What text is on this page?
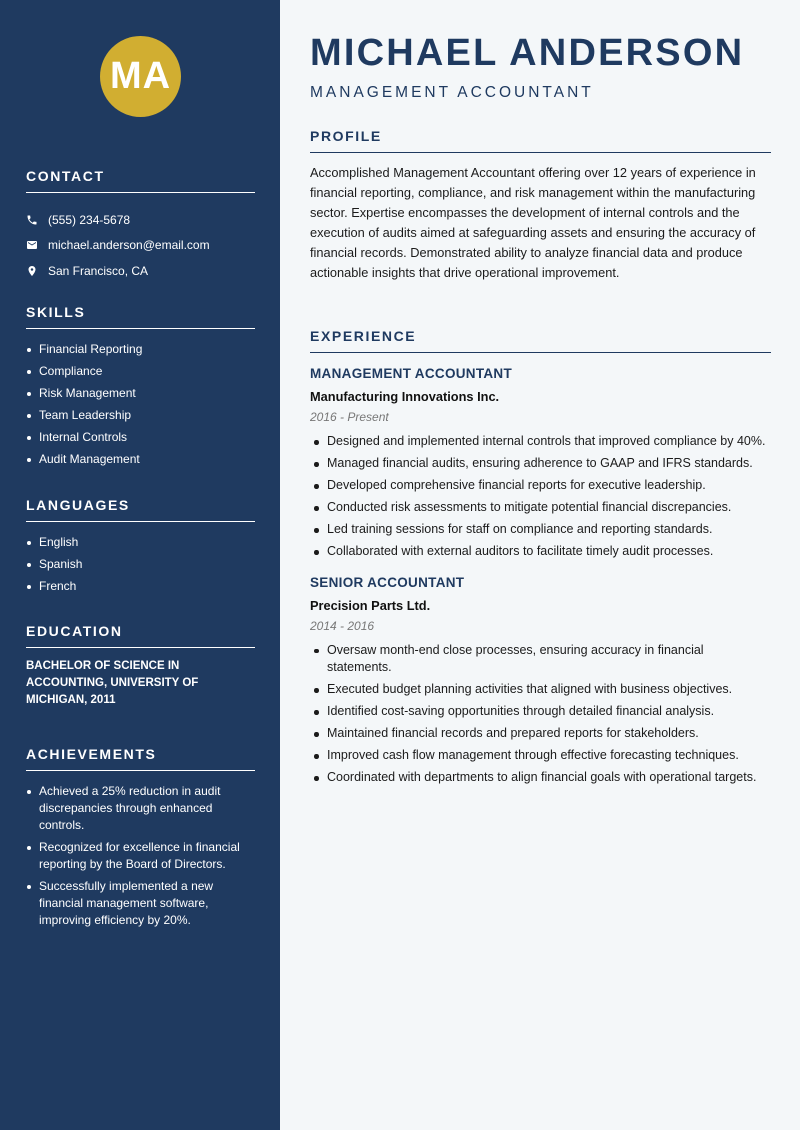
MA
CONTACT
(555) 234-5678
michael.anderson@email.com
San Francisco, CA
SKILLS
Financial Reporting
Compliance
Risk Management
Team Leadership
Internal Controls
Audit Management
LANGUAGES
English
Spanish
French
EDUCATION
BACHELOR OF SCIENCE IN ACCOUNTING, UNIVERSITY OF MICHIGAN, 2011
ACHIEVEMENTS
Achieved a 25% reduction in audit discrepancies through enhanced controls.
Recognized for excellence in financial reporting by the Board of Directors.
Successfully implemented a new financial management software, improving efficiency by 20%.
MICHAEL ANDERSON
MANAGEMENT ACCOUNTANT
PROFILE

Accomplished Management Accountant offering over 12 years of experience in financial reporting, compliance, and risk management within the manufacturing sector. Expertise encompasses the development of internal controls and the execution of audits aimed at safeguarding assets and ensuring the accuracy of financial records. Demonstrated ability to analyze financial data and produce actionable insights that drive operational improvement.

EXPERIENCE
MANAGEMENT ACCOUNTANT
Manufacturing Innovations Inc.
2016 - Present
Designed and implemented internal controls that improved compliance by 40%.
Managed financial audits, ensuring adherence to GAAP and IFRS standards.
Developed comprehensive financial reports for executive leadership.
Conducted risk assessments to mitigate potential financial discrepancies.
Led training sessions for staff on compliance and reporting standards.
Collaborated with external auditors to facilitate timely audit processes.
SENIOR ACCOUNTANT
Precision Parts Ltd.
2014 - 2016
Oversaw month-end close processes, ensuring accuracy in financial statements.
Executed budget planning activities that aligned with business objectives.
Identified cost-saving opportunities through detailed financial analysis.
Maintained financial records and prepared reports for stakeholders.
Improved cash flow management through effective forecasting techniques.
Coordinated with departments to align financial goals with operational targets.
